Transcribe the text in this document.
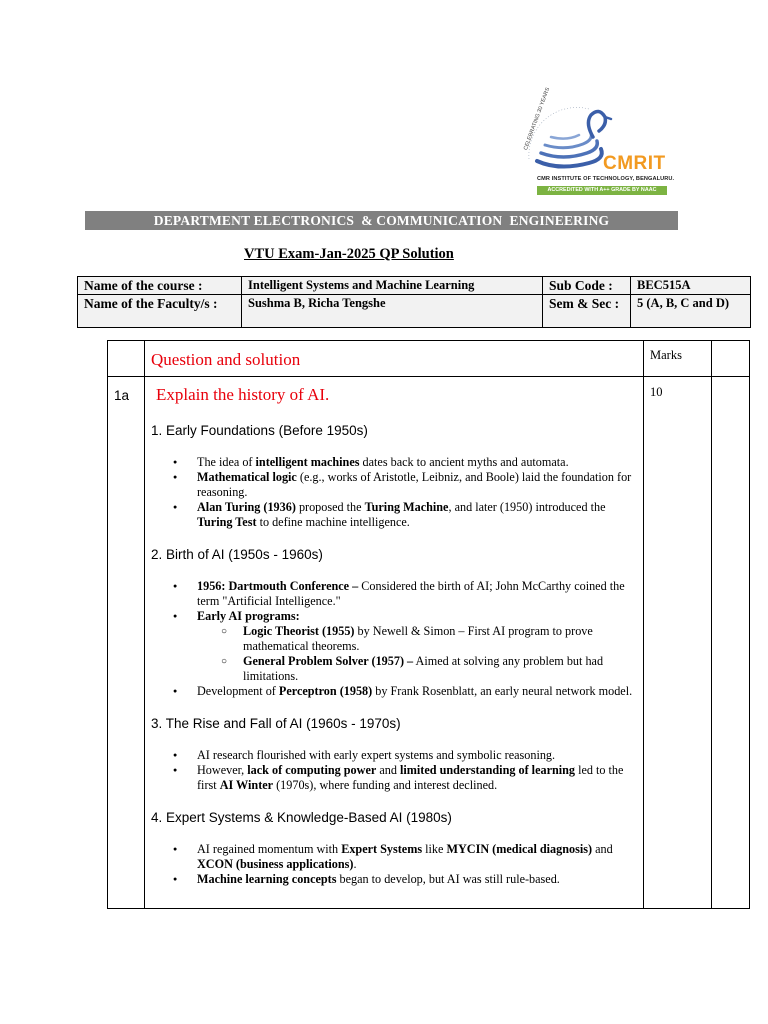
CELEBRATING 30 YEARS
CMRIT
CMR INSTITUTE OF TECHNOLOGY, BENGALURU.
ACCREDITED WITH A++ GRADE BY NAAC
DEPARTMENT ELECTRONICS  & COMMUNICATION  ENGINEERING
VTU Exam-Jan-2025 QP Solution
Name of the course :	Intelligent Systems and Machine Learning	Sub Code :	BEC515A
Name of the Faculty/s :	Sushma B, Richa Tengshe	Sem & Sec :	5 (A, B, C and D)
Question and solution	Marks
1a Explain the history of AI.	10

1. Early Foundations (Before 1950s)

● The idea of intelligent machines dates back to ancient myths and automata.
● Mathematical logic (e.g., works of Aristotle, Leibniz, and Boole) laid the foundation for reasoning.
● Alan Turing (1936) proposed the Turing Machine, and later (1950) introduced the Turing Test to define machine intelligence.

2. Birth of AI (1950s - 1960s)

● 1956: Dartmouth Conference – Considered the birth of AI; John McCarthy coined the term "Artificial Intelligence."
● Early AI programs:
○ Logic Theorist (1955) by Newell & Simon – First AI program to prove mathematical theorems.
○ General Problem Solver (1957) – Aimed at solving any problem but had limitations.
● Development of Perceptron (1958) by Frank Rosenblatt, an early neural network model.

3. The Rise and Fall of AI (1960s - 1970s)

● AI research flourished with early expert systems and symbolic reasoning.
● However, lack of computing power and limited understanding of learning led to the first AI Winter (1970s), where funding and interest declined.

4. Expert Systems & Knowledge-Based AI (1980s)

● AI regained momentum with Expert Systems like MYCIN (medical diagnosis) and XCON (business applications).
● Machine learning concepts began to develop, but AI was still rule-based.
